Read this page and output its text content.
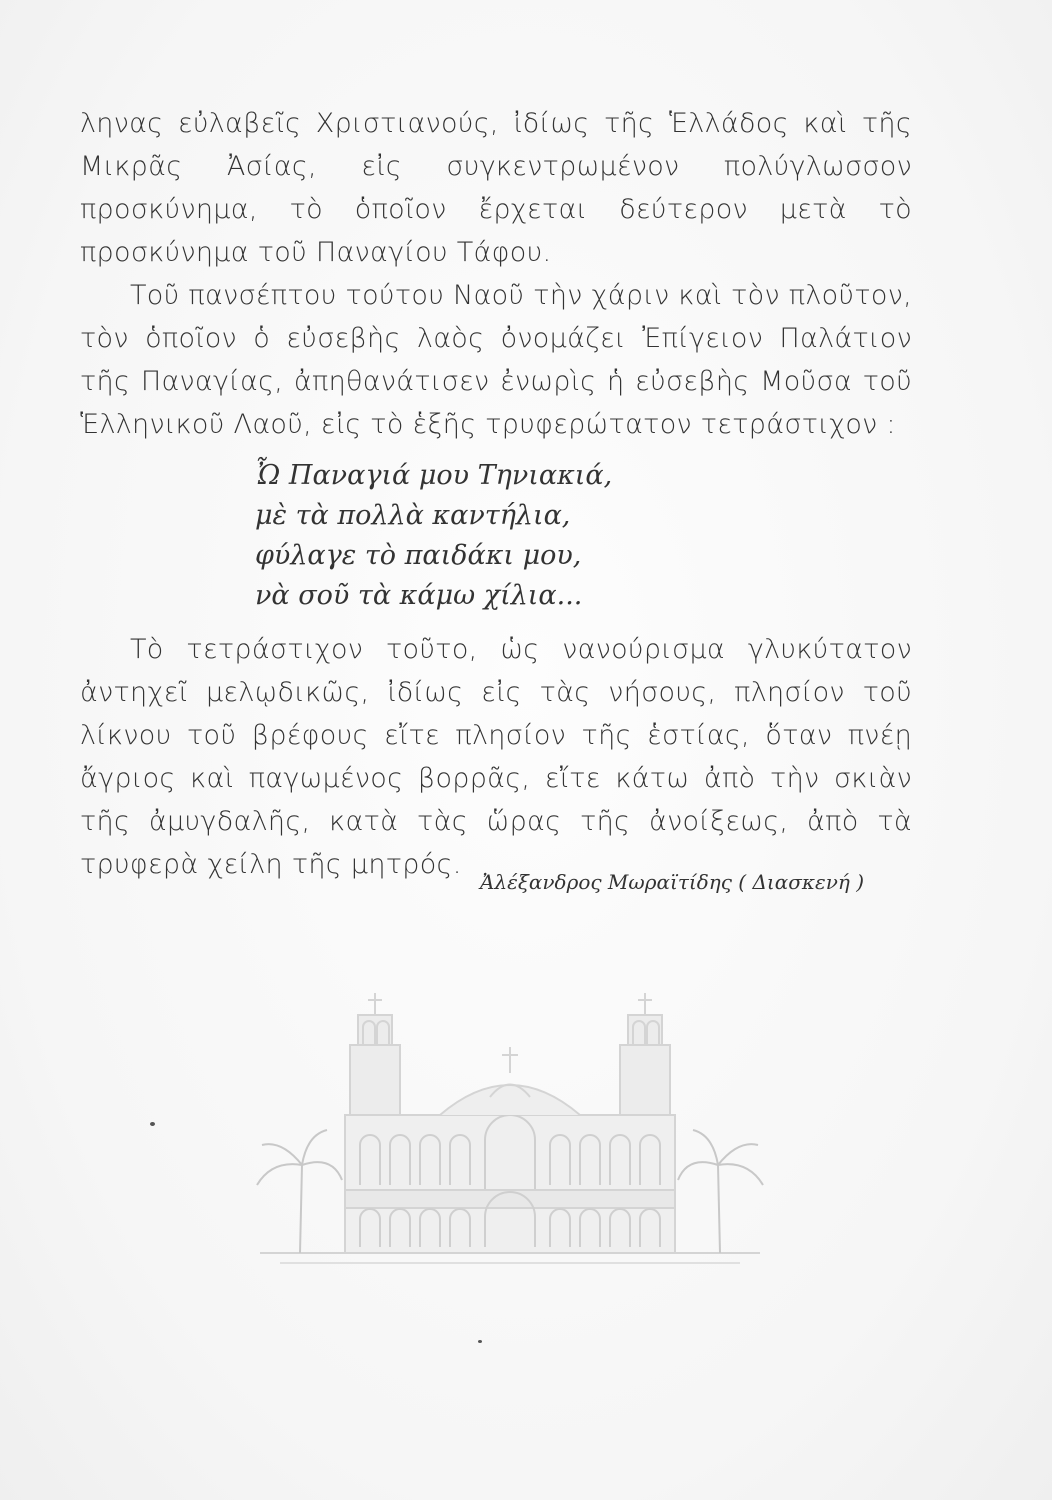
ληνας εὐλαβεῖς Χριστιανούς, ἰδίως τῆς Ἑλλάδος καὶ τῆς Μικρᾶς Ἀσίας, εἰς συγκεντρωμένον πολύγλωσσον προσκύνημα, τὸ ὁποῖον ἔρχεται δεύτερον μετὰ τὸ προσκύνημα τοῦ Παναγίου Τάφου.

Τοῦ πανσέπτου τούτου Ναοῦ τὴν χάριν καὶ τὸν πλοῦτον, τὸν ὁποῖον ὁ εὐσεβὴς λαὸς ὀνομάζει Ἐπίγειον Παλάτιον τῆς Παναγίας, ἀπηθανάτισεν ἐνωρὶς ἡ εὐσεβὴς Μοῦσα τοῦ Ἑλληνικοῦ Λαοῦ, εἰς τὸ ἑξῆς τρυφερώτατον τετράστιχον :

Ὦ Παναγιά μου Τηνιακιά,
μὲ τὰ πολλὰ καντήλια,
φύλαγε τὸ παιδάκι μου,
νὰ σοῦ τὰ κάμω χίλια...

Τὸ τετράστιχον τοῦτο, ὡς νανούρισμα γλυκύτατον ἀντηχεῖ μελῳδικῶς, ἰδίως εἰς τὰς νήσους, πλησίον τοῦ λίκνου τοῦ βρέφους εἴτε πλησίον τῆς ἑστίας, ὅταν πνέῃ ἄγριος καὶ παγωμένος βορρᾶς, εἴτε κάτω ἀπὸ τὴν σκιὰν τῆς ἀμυγδαλῆς, κατὰ τὰς ὥρας τῆς ἀνοίξεως, ἀπὸ τὰ τρυφερὰ χείλη τῆς μητρός.

Ἀλέξανδρος Μωραϊτίδης ( Διασκενή )
